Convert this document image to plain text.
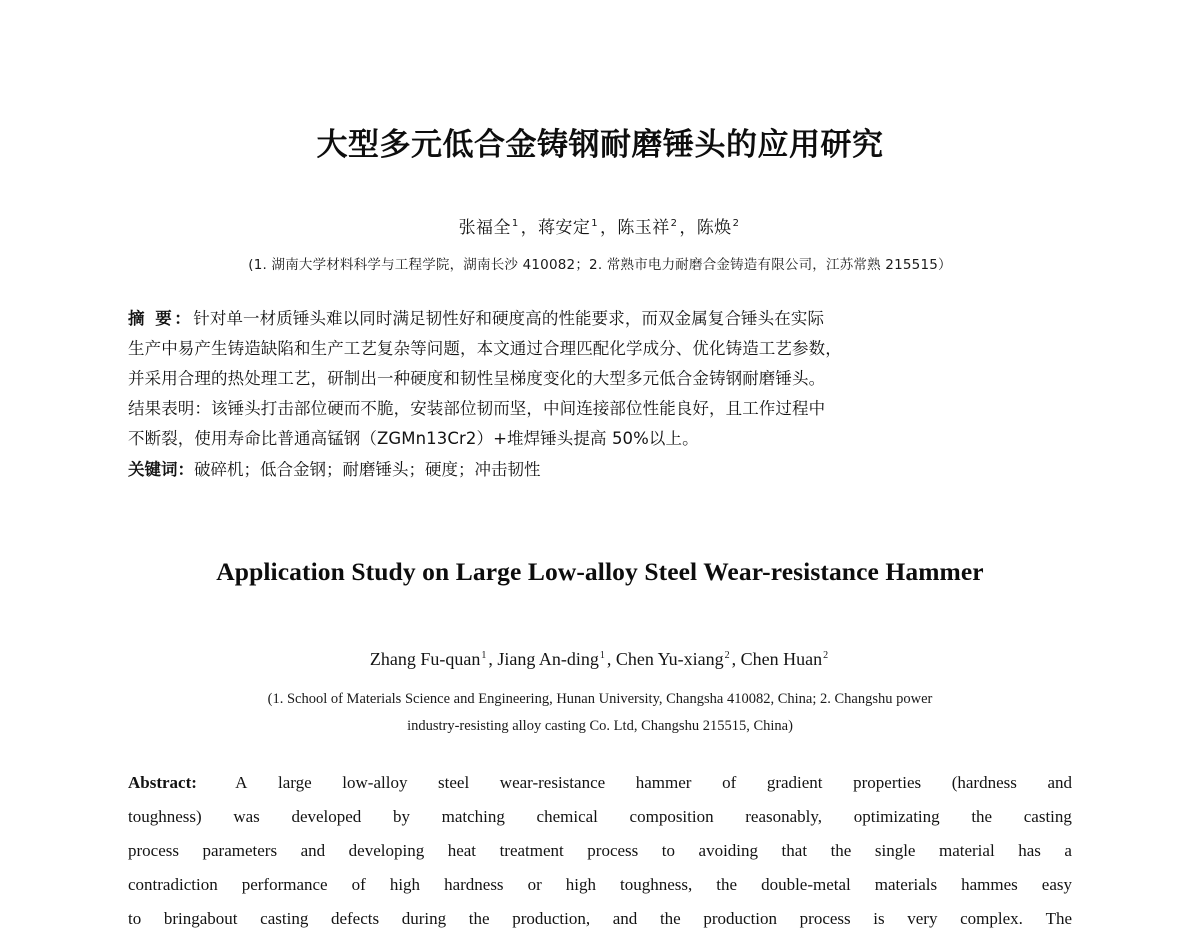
大型多元低合金铸钢耐磨锤头的应用研究
张福全$^1$ ，蒋安定$^1$ ，陈玉祥$^2$ ，陈焕$^2$
(1. 湖南大学材料科学与工程学院，湖南长沙 410082；2. 常熟市电力耐磨合金铸造有限公司，江苏常熟 215515）
摘 要：针对单一材质锤头难以同时满足韧性好和硬度高的性能要求，而双金属复合锤头在实际
生产中易产生铸造缺陷和生产工艺复杂等问题，本文通过合理匹配化学成分、优化铸造工艺参数，
并采用合理的热处理工艺，研制出一种硬度和韧性呈梯度变化的大型多元低合金铸钢耐磨锤头。
结果表明：该锤头打击部位硬而不脆，安装部位韧而坚，中间连接部位性能良好，且工作过程中
不断裂，使用寿命比普通高锰钢（ZGMn13Cr2）+堆焊锤头提高 50%以上。
关键词：破碎机；低合金钢；耐磨锤头；硬度；冲击韧性
Application Study on Large Low-alloy Steel Wear-resistance Hammer
Zhang Fu-quan$^1$ , Jiang An-ding$^1$ , Chen Yu-xiang$^2$ , Chen Huan$^2$
(1. School of Materials Science and Engineering, Hunan University, Changsha 410082, China; 2. Changshu power
industry-resisting alloy casting Co. Ltd, Changshu 215515, China)
Abstract: A large low-alloy steel wear-resistance hammer of gradient properties (hardness and
toughness) was developed by matching chemical composition reasonably, optimizating the casting
process parameters and developing heat treatment process to avoiding that the single material has a
contradiction performance of high hardness or high toughness, the double-metal materials hammes easy
to bringabout casting defects during the production, and the production process is very complex. The
